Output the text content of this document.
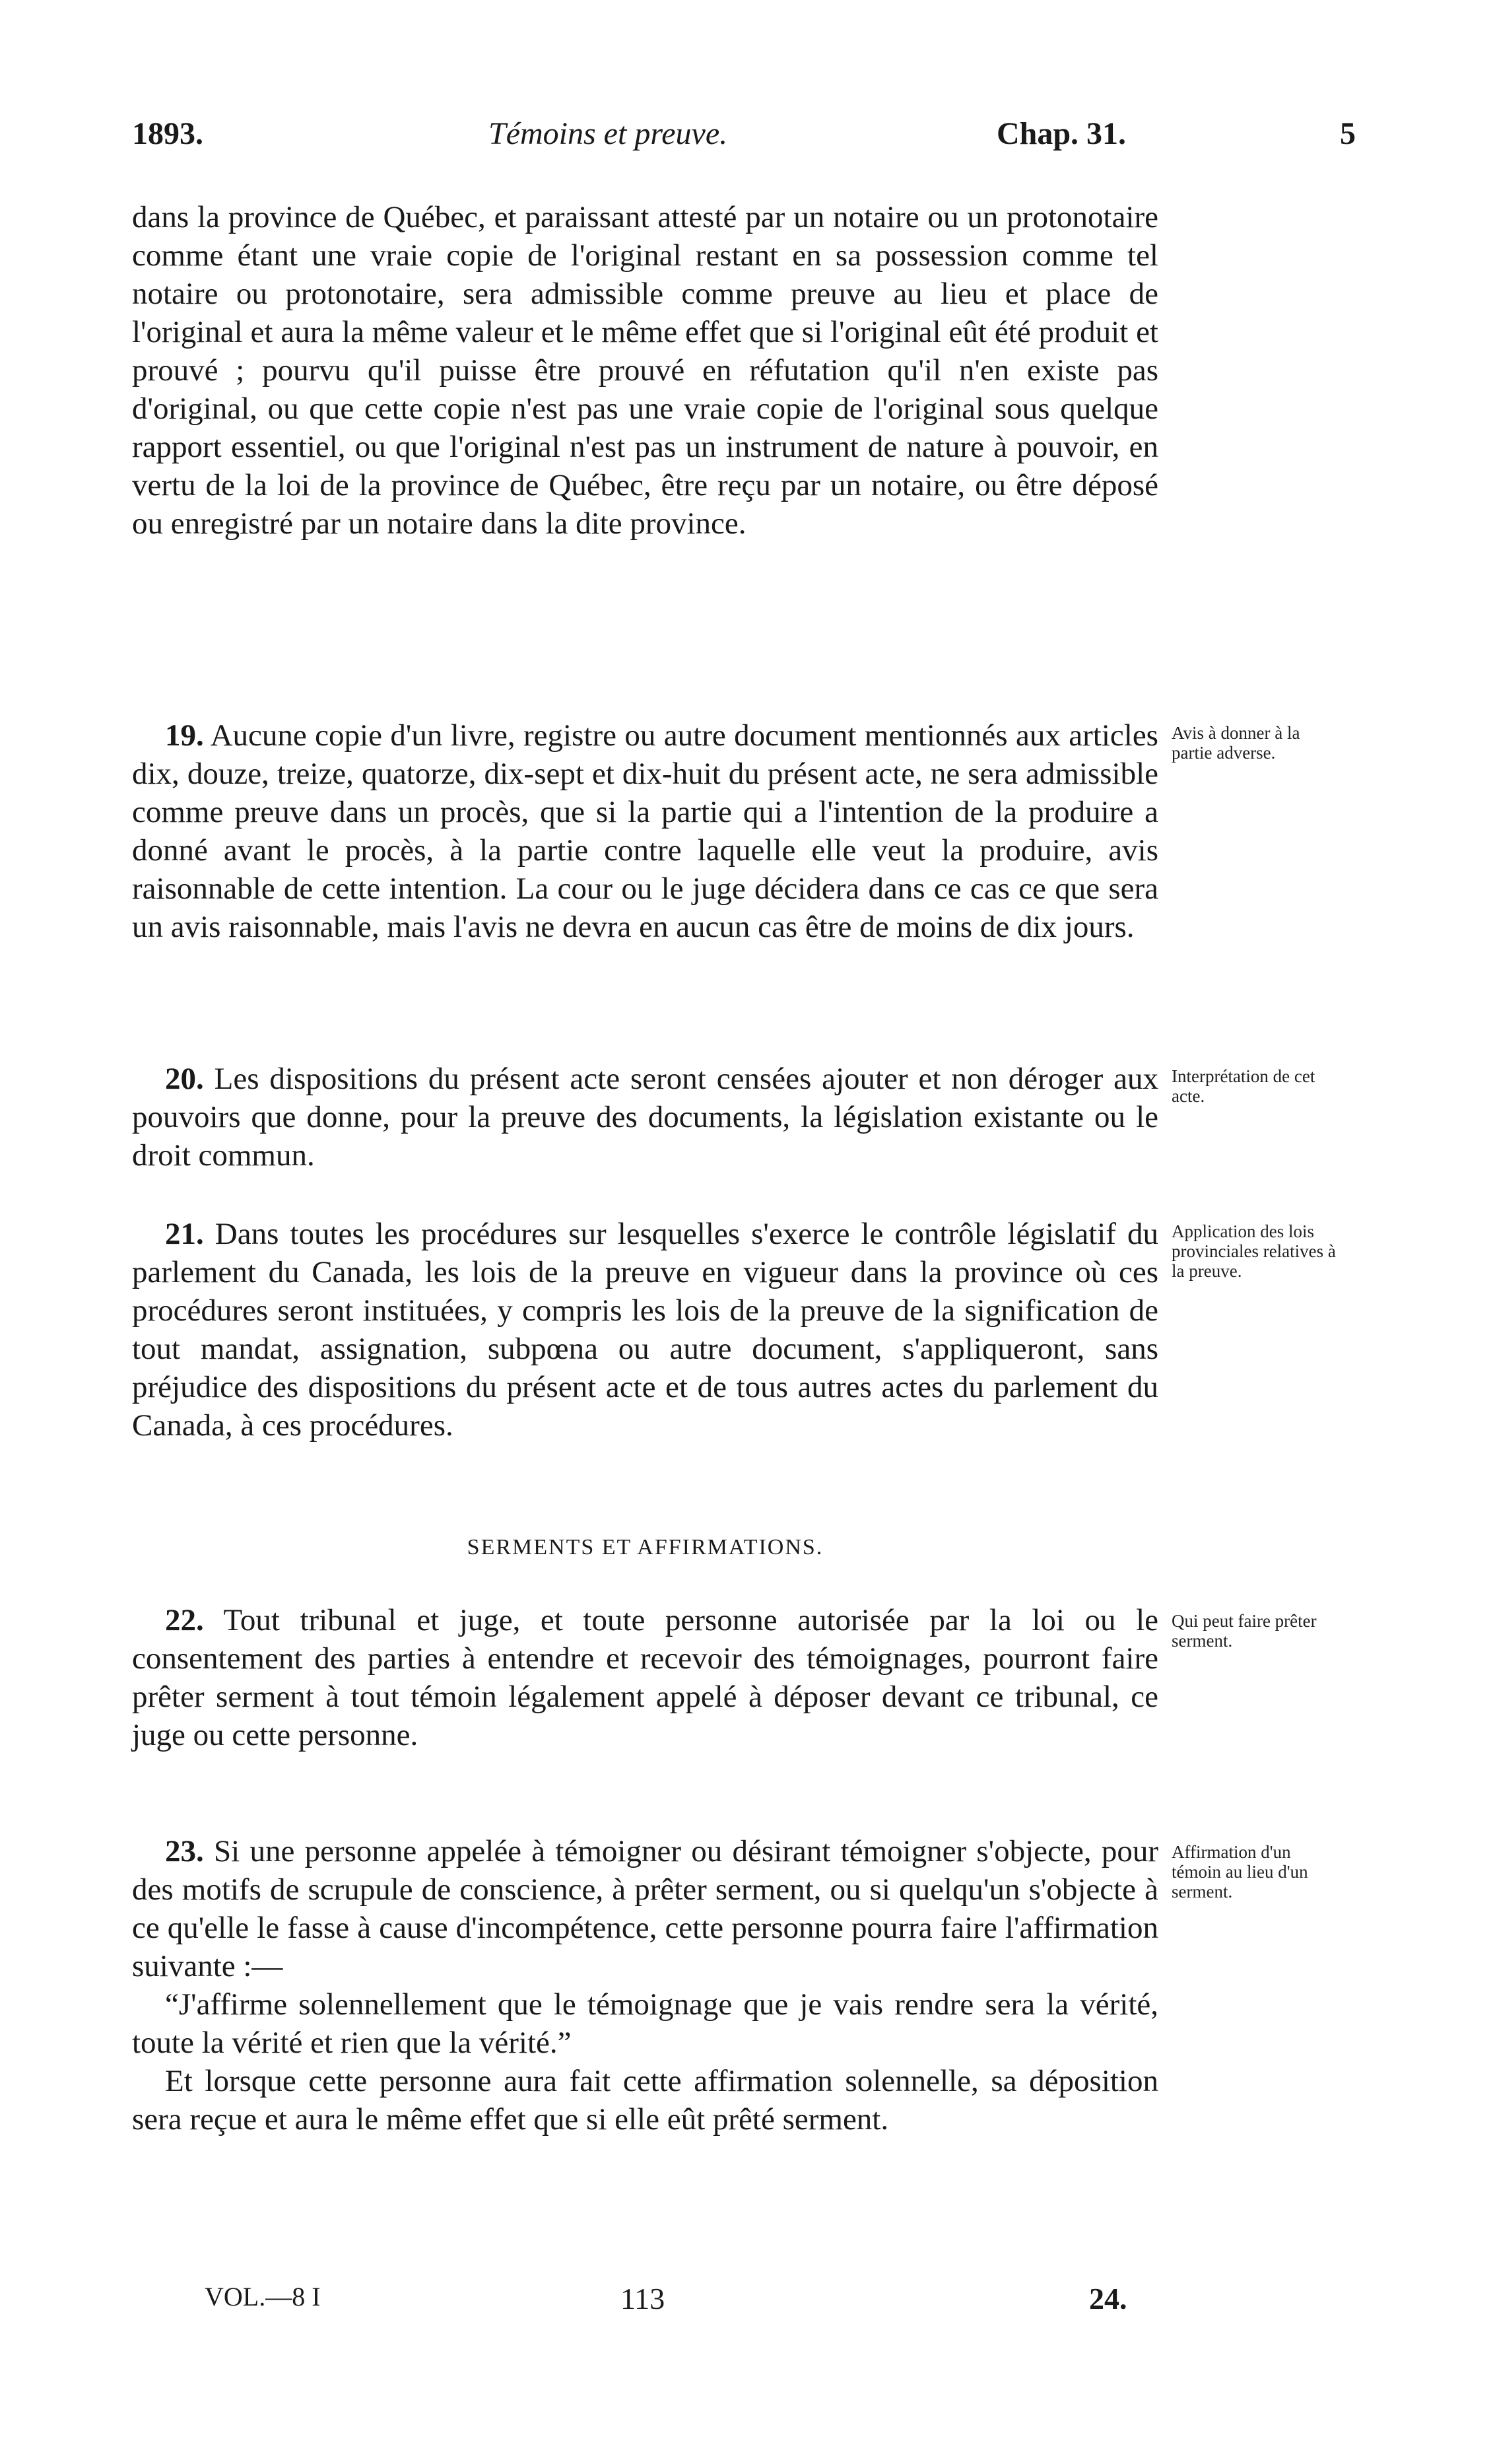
1893.	Témoins et preuve.	Chap. 31.	5

dans la province de Québec, et paraissant attesté par un notaire ou un protonotaire comme étant une vraie copie de l'original restant en sa possession comme tel notaire ou protonotaire, sera admissible comme preuve au lieu et place de l'original et aura la même valeur et le même effet que si l'original eût été produit et prouvé ; pourvu qu'il puisse être prouvé en réfutation qu'il n'en existe pas d'original, ou que cette copie n'est pas une vraie copie de l'original sous quelque rapport essentiel, ou que l'original n'est pas un instrument de nature à pouvoir, en vertu de la loi de la province de Québec, être reçu par un notaire, ou être déposé ou enregistré par un notaire dans la dite province.

19. Aucune copie d'un livre, registre ou autre document mentionnés aux articles dix, douze, treize, quatorze, dix-sept et dix-huit du présent acte, ne sera admissible comme preuve dans un procès, que si la partie qui a l'intention de la produire a donné avant le procès, à la partie contre laquelle elle veut la produire, avis raisonnable de cette intention. La cour ou le juge décidera dans ce cas ce que sera un avis raisonnable, mais l'avis ne devra en aucun cas être de moins de dix jours.

Avis à donner à la partie adverse.

20. Les dispositions du présent acte seront censées ajouter et non déroger aux pouvoirs que donne, pour la preuve des documents, la législation existante ou le droit commun.

Interprétation de cet acte.

21. Dans toutes les procédures sur lesquelles s'exerce le contrôle législatif du parlement du Canada, les lois de la preuve en vigueur dans la province où ces procédures seront instituées, y compris les lois de la preuve de la signification de tout mandat, assignation, subpœna ou autre document, s'appliqueront, sans préjudice des dispositions du présent acte et de tous autres actes du parlement du Canada, à ces procédures.

Application des lois provinciales relatives à la preuve.
SERMENTS ET AFFIRMATIONS.

22. Tout tribunal et juge, et toute personne autorisée par la loi ou le consentement des parties à entendre et recevoir des témoignages, pourront faire prêter serment à tout témoin légalement appelé à déposer devant ce tribunal, ce juge ou cette personne.

Qui peut faire prêter serment.

23. Si une personne appelée à témoigner ou désirant témoigner s'objecte, pour des motifs de scrupule de conscience, à prêter serment, ou si quelqu'un s'objecte à ce qu'elle le fasse à cause d'incompétence, cette personne pourra faire l'affirmation suivante :—

“J'affirme solennellement que le témoignage que je vais rendre sera la vérité, toute la vérité et rien que la vérité.”

Et lorsque cette personne aura fait cette affirmation solennelle, sa déposition sera reçue et aura le même effet que si elle eût prêté serment.

Affirmation d'un témoin au lieu d'un serment.
VOL.—8 I	113	24.
